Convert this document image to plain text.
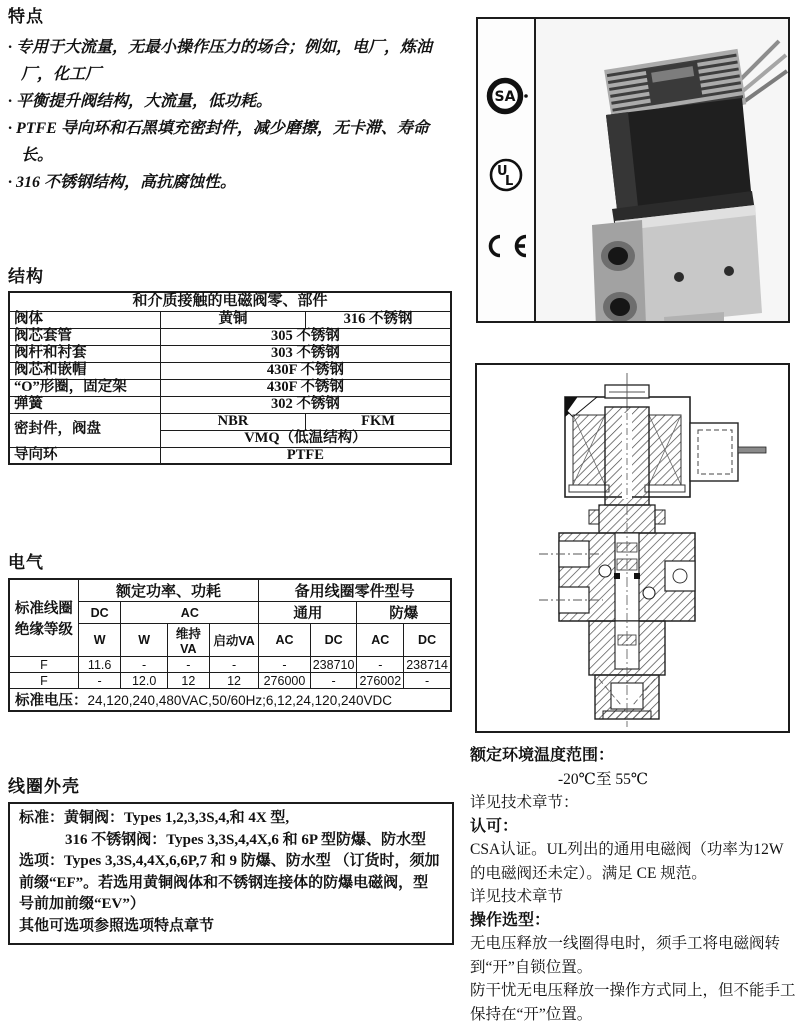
特点

· 专用于大流量，无最小操作压力的场合；例如，电厂，炼油厂，化工厂

· 平衡提升阀结构，大流量，低功耗。

· PTFE 导向环和石黑填充密封件，减少磨擦，无卡滞、寿命长。

· 316 不锈钢结构，高抗腐蚀性。

SA
U
L
结构
和介质接触的电磁阀零、部件		
阀体	黄铜	316 不锈钢
阀芯套管	305 不锈钢	
阀杆和衬套	303 不锈钢	
阀芯和嵌帽	430F 不锈钢	
“O”形圈，固定架	430F 不锈钢	
弹簧	302 不锈钢	
密封件，阀盘	NBR	FKM
	VMQ（低温结构）	
导向环	PTFE	
电气
标准线圈
绝缘等级	额定功率、功耗				备用线圈零件型号			
	DC	AC			通用		防爆	
	W	W	维持VA	启动VA	AC	DC	AC	DC
F	11.6	-	-	-	-	238710	-	238714
F	-	12.0	12	12	276000	-	276002	-
标准电压：24,120,240,480VAC,50/60Hz;6,12,24,120,240VDC								
线圈外壳

标准：黄铜阀：Types 1,2,3,3S,4,和 4X 型,

316 不锈钢阀：Types 3,3S,4,4X,6 和 6P 型防爆、防水型

选项：Types 3,3S,4,4X,6,6P,7 和 9 防爆、防水型 （订货时，须加前缀“EF”。若选用黄铜阀体和不锈钢连接体的防爆电磁阀，型号前加前缀“EV”）

其他可选项参照选项特点章节

额定环境温度范围：

-20℃至 55℃

详见技术章节：

认可：

CSA认证。UL列出的通用电磁阀（功率为12W的电磁阀还未定）。满足 CE 规范。

详见技术章节

操作选型：

无电压释放一线圈得电时，须手工将电磁阀转到“开”自锁位置。

防干忧无电压释放一操作方式同上，但不能手工保持在“开”位置。
